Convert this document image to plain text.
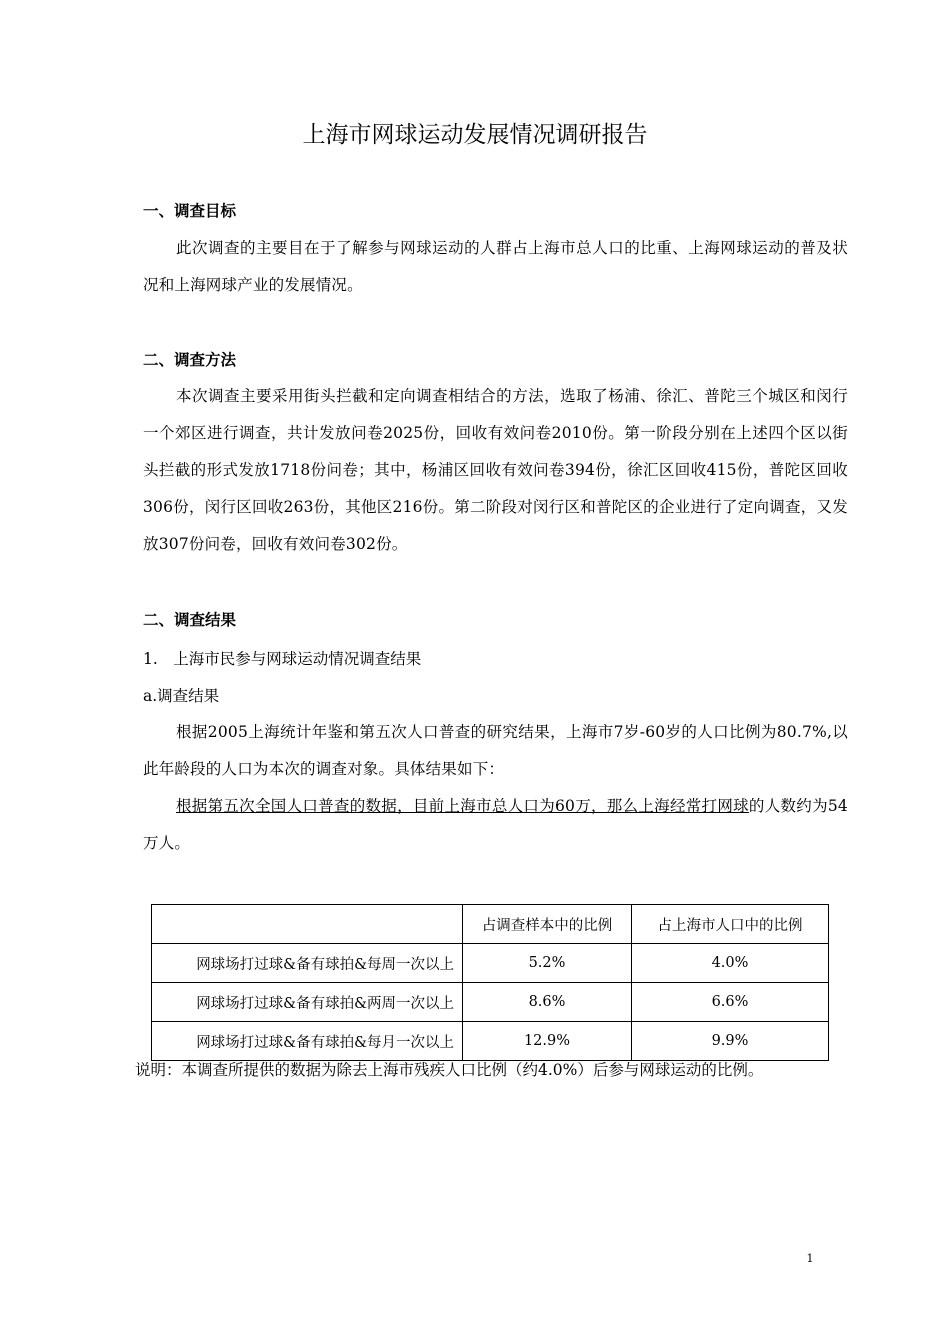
上海市网球运动发展情况调研报告
一、调查目标
此次调查的主要目在于了解参与网球运动的人群占上海市总人口的比重、上海网球运动的普及状况和上海网球产业的发展情况。
二、调查方法
本次调查主要采用街头拦截和定向调查相结合的方法，选取了杨浦、徐汇、普陀三个城区和闵行一个郊区进行调查，共计发放问卷2025份，回收有效问卷2010份。第一阶段分别在上述四个区以街头拦截的形式发放1718份问卷；其中，杨浦区回收有效问卷394份，徐汇区回收415份，普陀区回收306份，闵行区回收263份，其他区216份。第二阶段对闵行区和普陀区的企业进行了定向调查，又发放307份问卷，回收有效问卷302份。
二、调查结果
1.　上海市民参与网球运动情况调查结果
a.调查结果
根据2005上海统计年鉴和第五次人口普查的研究结果，上海市7岁-60岁的人口比例为80.7%,以此年龄段的人口为本次的调查对象。具体结果如下：
根据第五次全国人口普查的数据，目前上海市总人口为60万，那么上海经常打网球的人数约为54万人。
	占调查样本中的比例	占上海市人口中的比例
网球场打过球&备有球拍&每周一次以上	5.2%	4.0%
网球场打过球&备有球拍&两周一次以上	8.6%	6.6%
网球场打过球&备有球拍&每月一次以上	12.9%	9.9%
说明：本调查所提供的数据为除去上海市残疾人口比例（约4.0%）后参与网球运动的比例。
1
